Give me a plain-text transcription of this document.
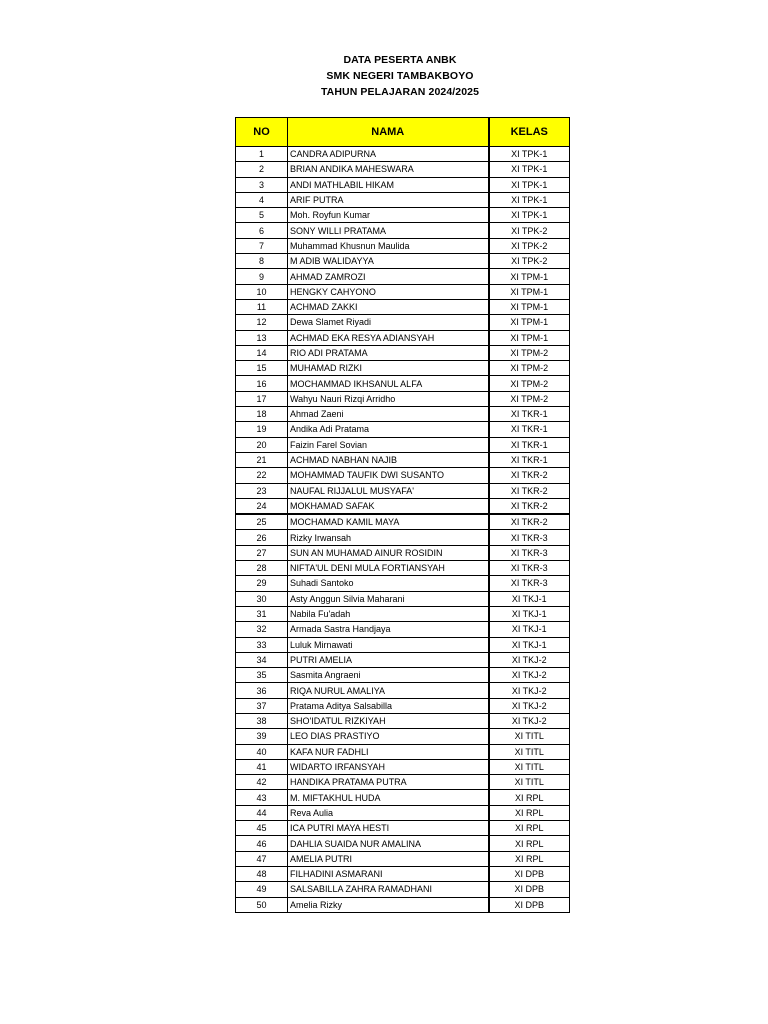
DATA PESERTA ANBK
SMK NEGERI TAMBAKBOYO
TAHUN PELAJARAN 2024/2025
NO	NAMA	KELAS
1	CANDRA ADIPURNA	XI TPK-1
2	BRIAN ANDIKA MAHESWARA	XI TPK-1
3	ANDI MATHLABIL HIKAM	XI TPK-1
4	ARIF PUTRA	XI TPK-1
5	Moh. Royfun Kumar	XI TPK-1
6	SONY WILLI PRATAMA	XI TPK-2
7	Muhammad Khusnun Maulida	XI TPK-2
8	M ADIB WALIDAYYA	XI TPK-2
9	AHMAD ZAMROZI	XI TPM-1
10	HENGKY CAHYONO	XI TPM-1
11	ACHMAD ZAKKI	XI TPM-1
12	Dewa Slamet Riyadi	XI TPM-1
13	ACHMAD EKA RESYA ADIANSYAH	XI TPM-1
14	RIO ADI PRATAMA	XI TPM-2
15	MUHAMAD RIZKI	XI TPM-2
16	MOCHAMMAD IKHSANUL ALFA	XI TPM-2
17	Wahyu Nauri Rizqi Arridho	XI TPM-2
18	Ahmad Zaeni	XI TKR-1
19	Andika Adi Pratama	XI TKR-1
20	Faizin Farel Sovian	XI TKR-1
21	ACHMAD NABHAN NAJIB	XI TKR-1
22	MOHAMMAD TAUFIK DWI SUSANTO	XI TKR-2
23	NAUFAL RIJJALUL MUSYAFA'	XI TKR-2
24	MOKHAMAD SAFAK	XI TKR-2
25	MOCHAMAD KAMIL MAYA	XI TKR-2
26	Rizky Irwansah	XI TKR-3
27	SUN AN MUHAMAD AINUR ROSIDIN	XI TKR-3
28	NIFTA'UL DENI MULA FORTIANSYAH	XI TKR-3
29	Suhadi Santoko	XI TKR-3
30	Asty Anggun Silvia Maharani	XI TKJ-1
31	Nabila Fu'adah	XI TKJ-1
32	Armada Sastra Handjaya	XI TKJ-1
33	Luluk Mirnawati	XI TKJ-1
34	PUTRI AMELIA	XI TKJ-2
35	Sasmita Angraeni	XI TKJ-2
36	RIQA NURUL AMALIYA	XI TKJ-2
37	Pratama Aditya Salsabilla	XI TKJ-2
38	SHO'IDATUL RIZKIYAH	XI TKJ-2
39	LEO DIAS PRASTIYO	XI TITL
40	KAFA NUR FADHLI	XI TITL
41	WIDARTO IRFANSYAH	XI TITL
42	HANDIKA PRATAMA PUTRA	XI TITL
43	M. MIFTAKHUL HUDA	XI RPL
44	Reva Aulia	XI RPL
45	ICA PUTRI MAYA HESTI	XI RPL
46	DAHLIA SUAIDA NUR AMALINA	XI RPL
47	AMELIA PUTRI	XI RPL
48	FILHADINI ASMARANI	XI DPB
49	SALSABILLA ZAHRA RAMADHANI	XI DPB
50	Amelia Rizky	XI DPB
